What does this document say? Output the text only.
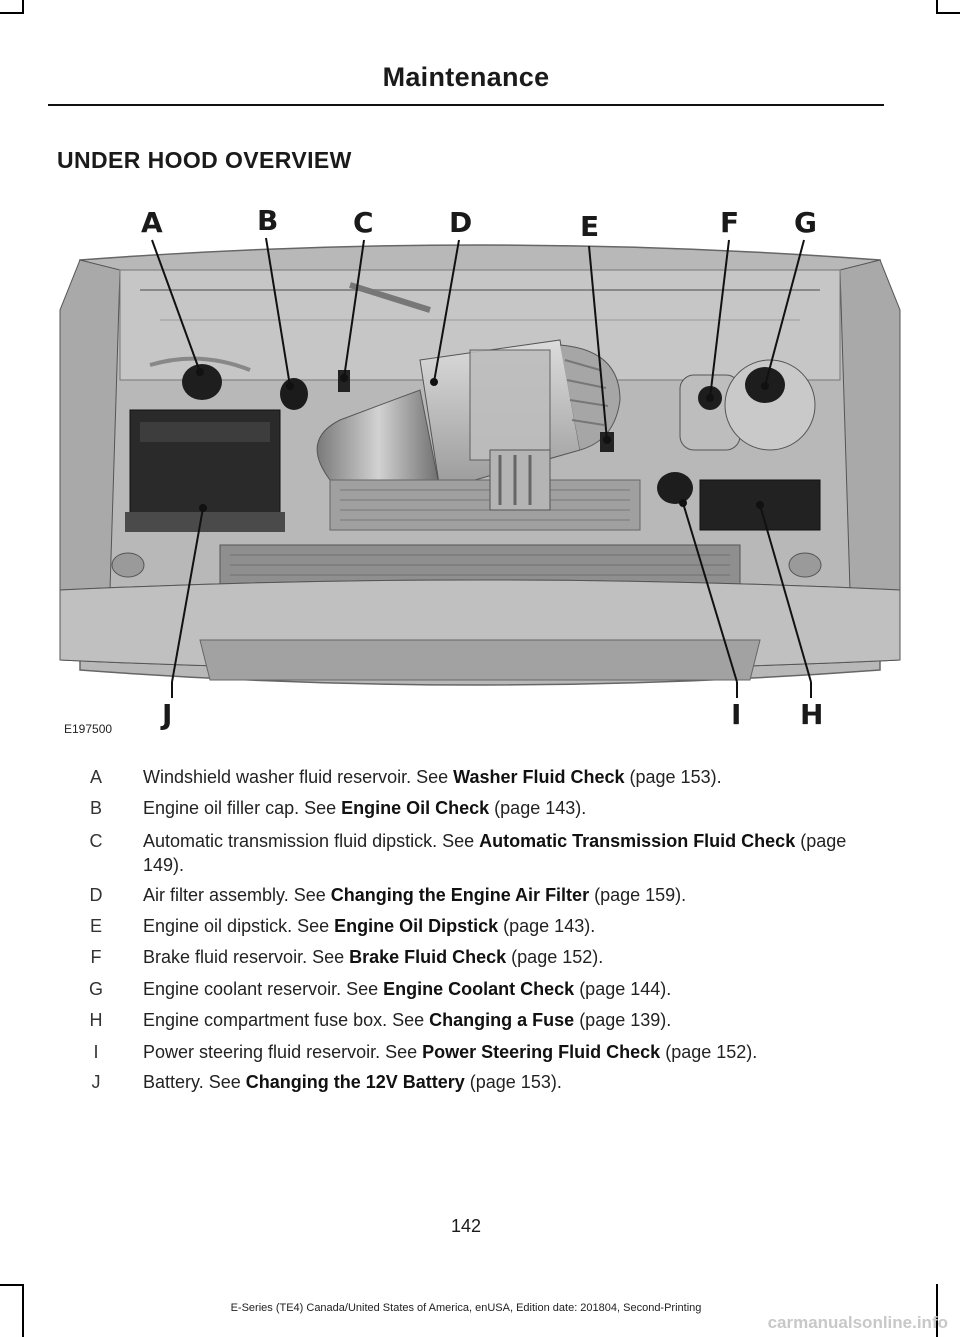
Maintenance
UNDER HOOD OVERVIEW
A	B	C	D	E	F G
H
I
J
E197500
A Windshield washer fluid reservoir. See Washer Fluid Check (page 153).
B Engine oil filler cap. See Engine Oil Check (page 143).
C Automatic transmission fluid dipstick. See Automatic Transmission Fluid Check (page 149).
D Air filter assembly. See Changing the Engine Air Filter (page 159).
E Engine oil dipstick. See Engine Oil Dipstick (page 143).
F Brake fluid reservoir. See Brake Fluid Check (page 152).
G Engine coolant reservoir. See Engine Coolant Check (page 144).
H Engine compartment fuse box. See Changing a Fuse (page 139).
I	Power steering fluid reservoir. See Power Steering Fluid Check (page 152).
J	Battery. See Changing the 12V Battery (page 153).
142
E-Series (TE4) Canada/United States of America, enUSA, Edition date: 201804, Second-Printing
carmanualsonline.info
